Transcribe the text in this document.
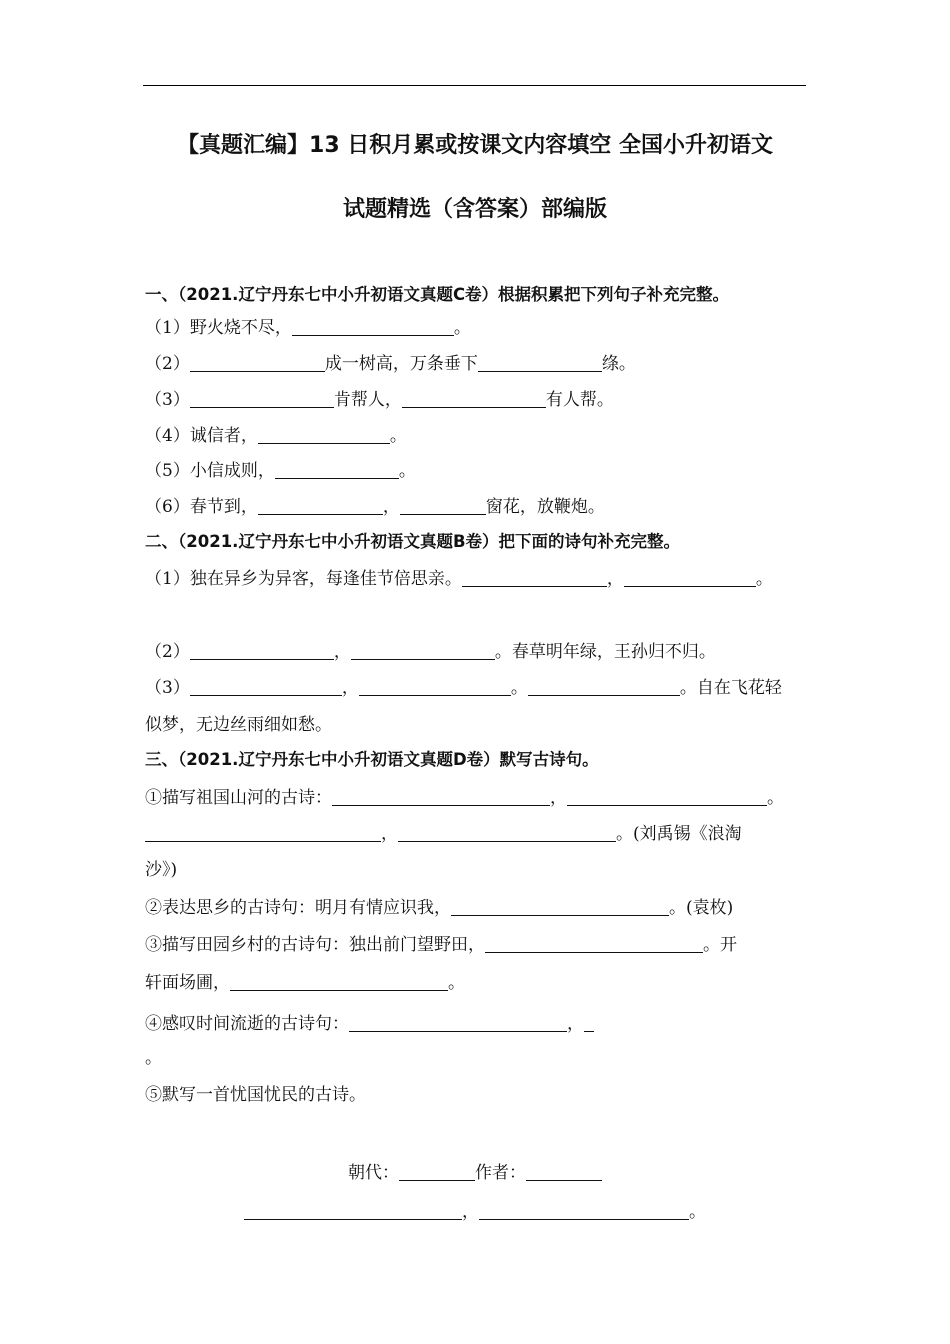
【真题汇编】13 日积月累或按课文内容填空 全国小升初语文
试题精选（含答案）部编版
一、（2021.辽宁丹东七中小升初语文真题C卷）根据积累把下列句子补充完整。
（1）野火烧不尽，	。
（2）	成一树高，万条垂下	绦。
（3）	肯帮人，	有人帮。
（4）诚信者，	。
（5）小信成则，	。
（6）春节到，	，	窗花，放鞭炮。
二、（2021.辽宁丹东七中小升初语文真题B卷）把下面的诗句补充完整。
（1）独在异乡为异客，每逢佳节倍思亲。	，	。
（2）	，	。春草明年绿，王孙归不归。
（3）	，	。	。自在飞花轻
似梦，无边丝雨细如愁。
三、（2021.辽宁丹东七中小升初语文真题D卷）默写古诗句。
①描写祖国山河的古诗：	，	。
，	。(刘禹锡《浪淘
沙》)
②表达思乡的古诗句：明月有情应识我，	。(袁枚)
③描写田园乡村的古诗句：独出前门望野田，	。开
轩面场圃，	。
④感叹时间流逝的古诗句：	，
。
⑤默写一首忧国忧民的古诗。
朝代：	作者：
，	。
